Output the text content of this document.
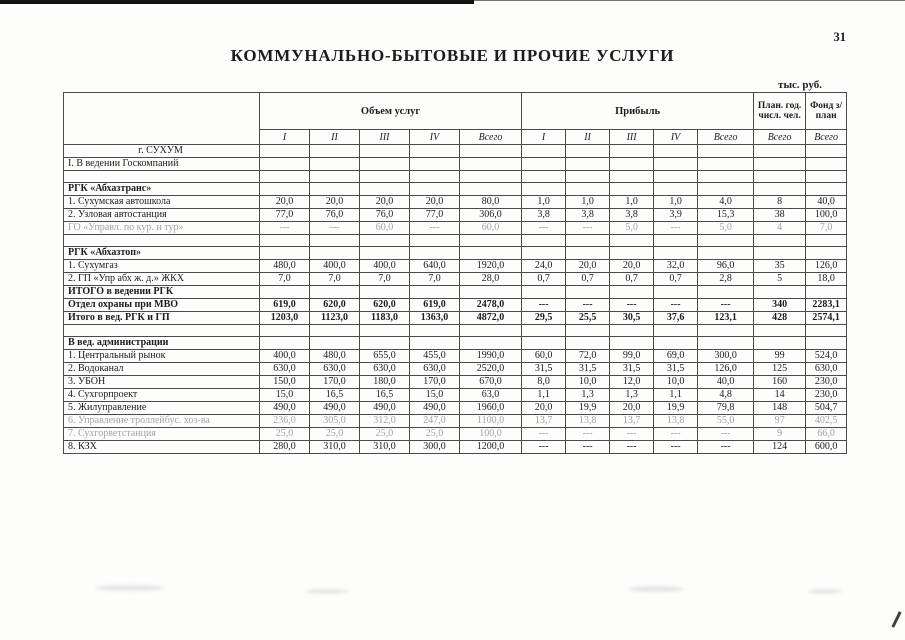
31
КОММУНАЛЬНО-БЫТОВЫЕ И ПРОЧИЕ УСЛУГИ
тыс. руб.
	Объем услуг					Прибыль					План. год. числ. чел.	Фонд з/план
	I	II	III	IV	Всего	I	II	III	IV	Всего	Всего	Всего
г. СУХУМ												
I. В ведении Госкомпаний												

РГК «Абхазтранс»												
1. Сухумская автошкола	20,0	20,0	20,0	20,0	80,0	1,0	1,0	1,0	1,0	4,0	8	40,0
2. Узловая автостанция	77,0	76,0	76,0	77,0	306,0	3,8	3,8	3,8	3,9	15,3	38	100,0
ГО «Управл. по кур. и тур»	---	---	60,0	---	60,0	---	---	5,0	---	5,0	4	7,0

РГК «Абхазтоп»												
1. Сухумгаз	480,0	400,0	400,0	640,0	1920,0	24,0	20,0	20,0	32,0	96,0	35	126,0
2. ГП «Упр абх ж. д.» ЖКХ	7,0	7,0	7,0	7,0	28,0	0,7	0,7	0,7	0,7	2,8	5	18,0
ИТОГО в ведении РГК												
Отдел охраны при МВО	619,0	620,0	620,0	619,0	2478,0	---	---	---	---	---	340	2283,1
Итого в вед. РГК и ГП	1203,0	1123,0	1183,0	1363,0	4872,0	29,5	25,5	30,5	37,6	123,1	428	2574,1

В вед. администрации												
1. Центральный рынок	400,0	480,0	655,0	455,0	1990,0	60,0	72,0	99,0	69,0	300,0	99	524,0
2. Водоканал	630,0	630,0	630,0	630,0	2520,0	31,5	31,5	31,5	31,5	126,0	125	630,0
3. УБОН	150,0	170,0	180,0	170,0	670,0	8,0	10,0	12,0	10,0	40,0	160	230,0
4. Сухгорпроект	15,0	16,5	16,5	15,0	63,0	1,1	1,3	1,3	1,1	4,8	14	230,0
5. Жилуправление	490,0	490,0	490,0	490,0	1960,0	20,0	19,9	20,0	19,9	79,8	148	504,7
6. Управление троллейбус. хоз-ва	236,0	305,0	312,0	247,0	1100,0	13,7	13,8	13,7	13,8	55,0	97	402,5
7. Сухгорветстанция	25,0	25,0	25,0	25,0	100,0	---	---	---	---	---	9	66,0
8. КЗХ	280,0	310,0	310,0	300,0	1200,0	---	---	---	---	---	124	600,0
